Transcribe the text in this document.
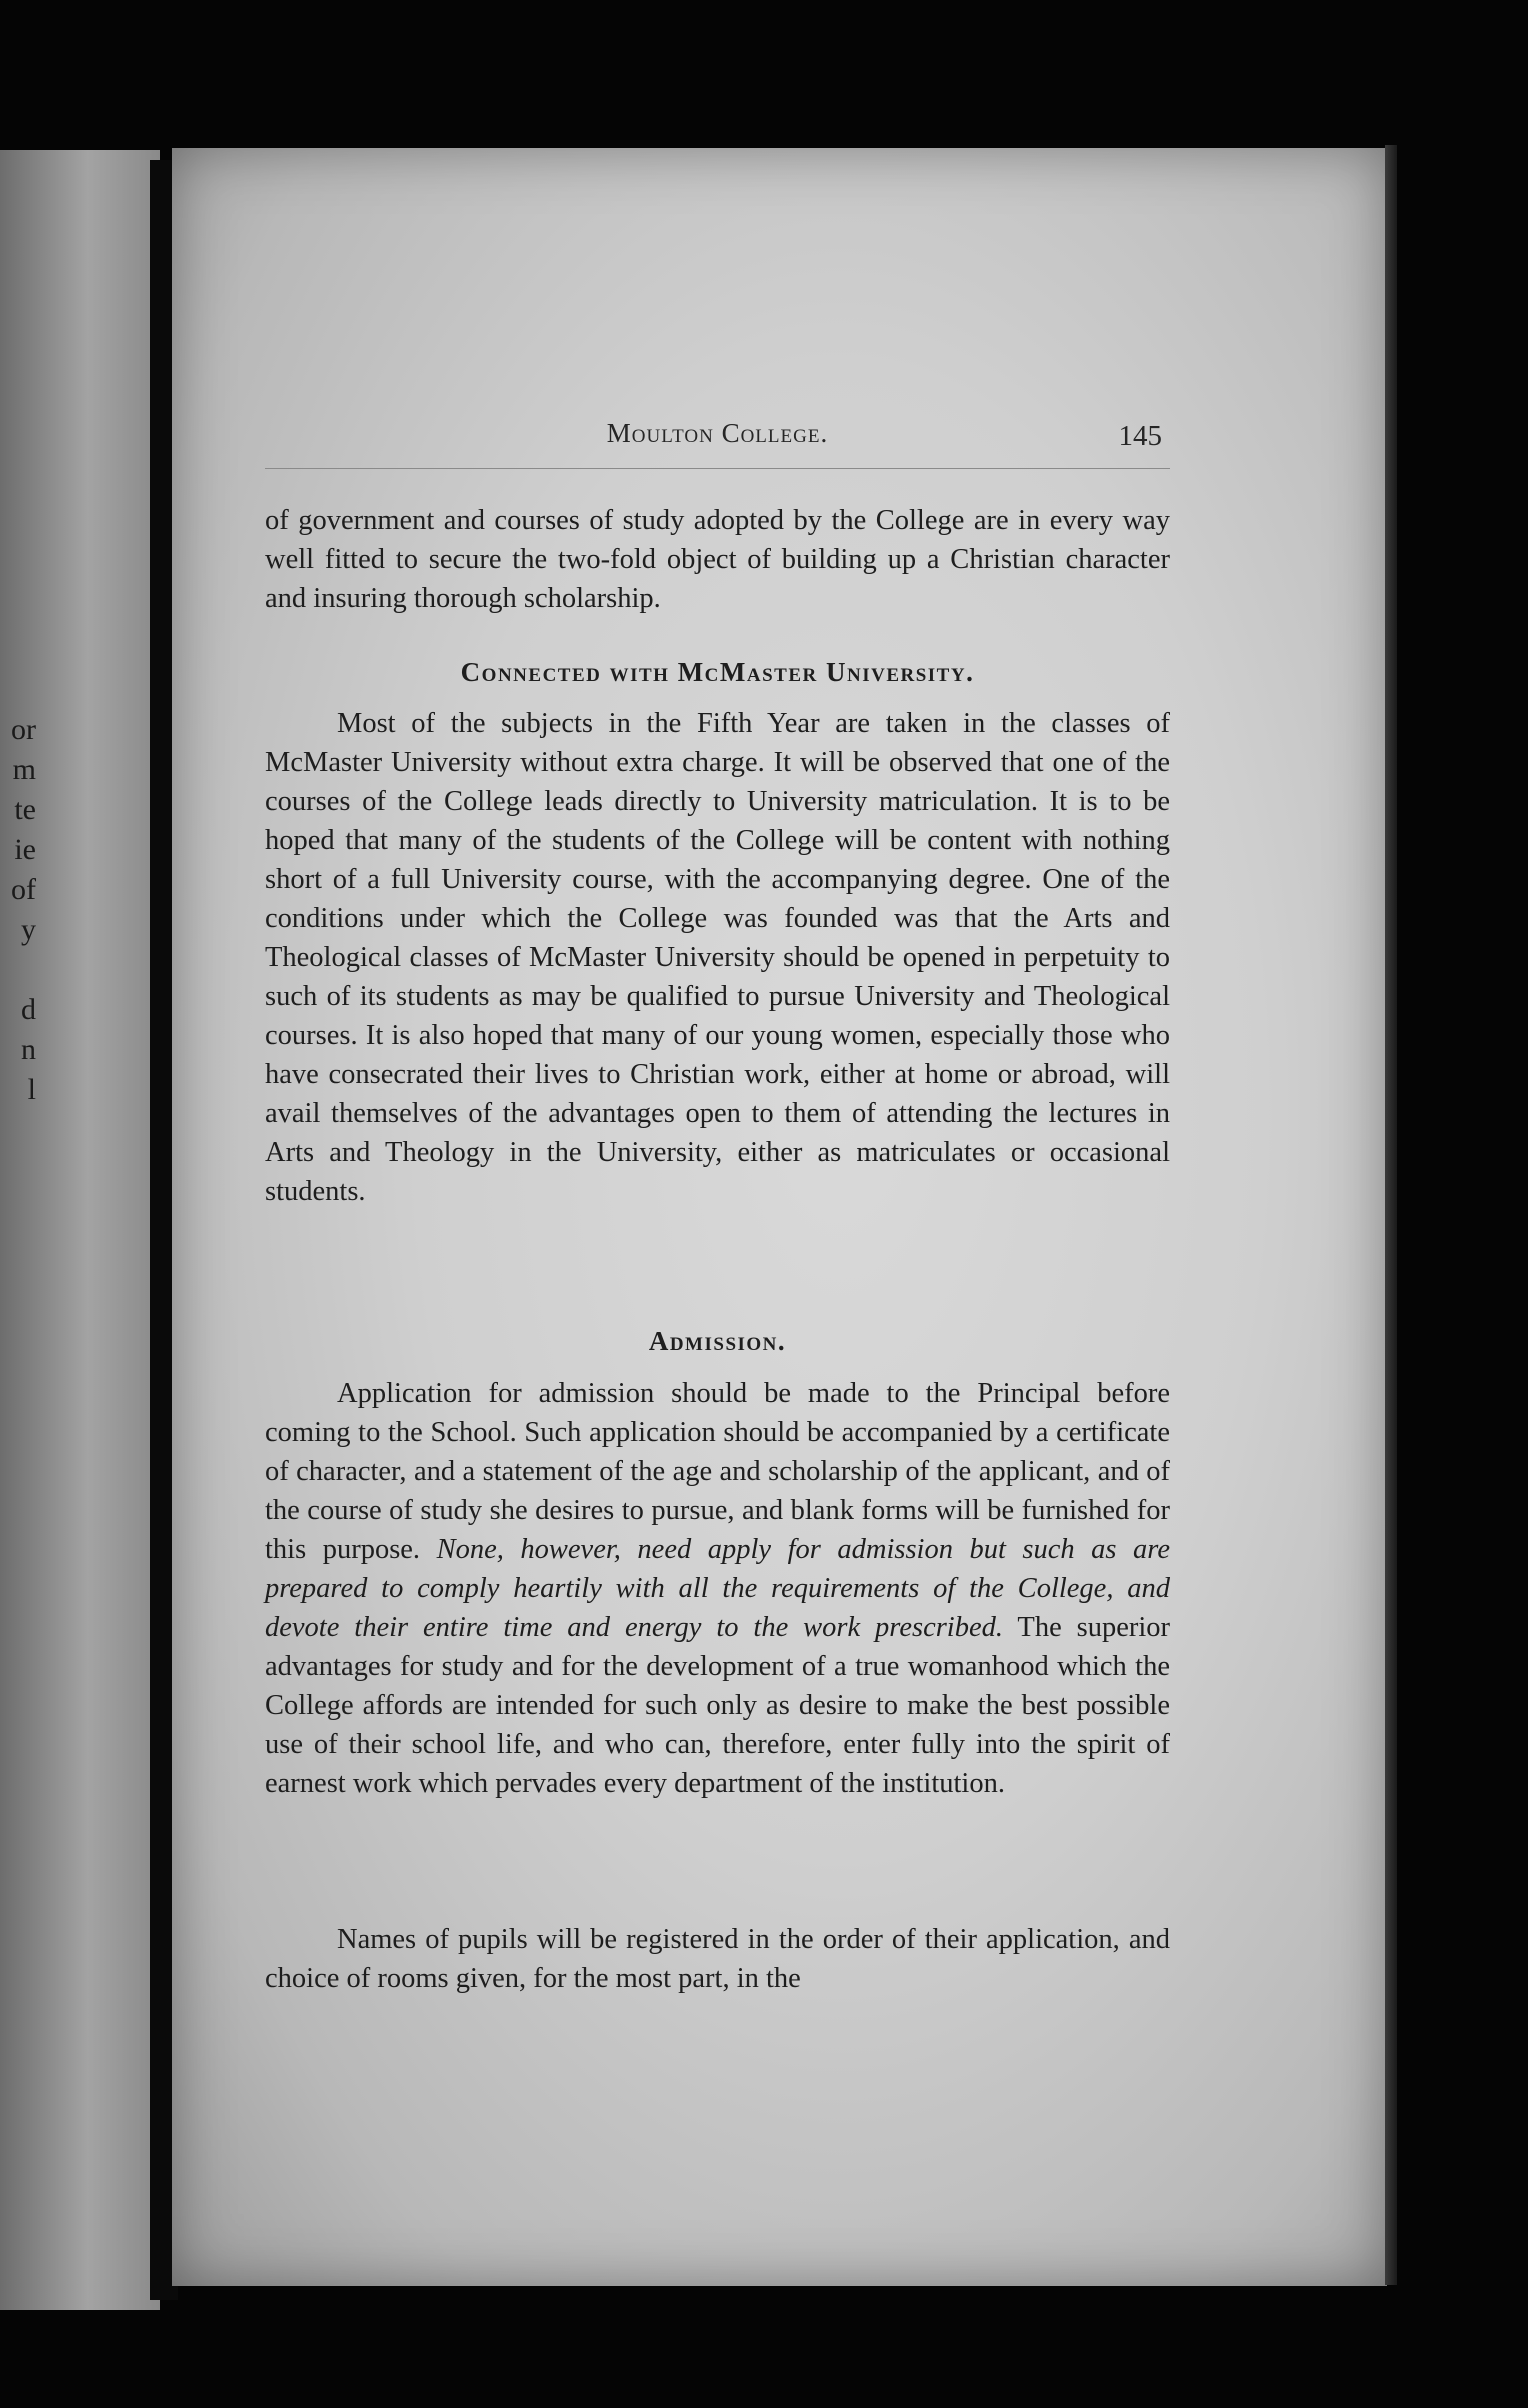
or
m
te
ie
of
y
d
n
l
Moulton College.	145

of government and courses of study adopted by the College are in every way well fitted to secure the two-fold object of building up a Christian character and insuring thorough scholarship.

Connected with McMaster University.

Most of the subjects in the Fifth Year are taken in the classes of McMaster University without extra charge. It will be observed that one of the courses of the College leads directly to University matriculation. It is to be hoped that many of the students of the College will be content with nothing short of a full University course, with the accompanying degree. One of the conditions under which the College was founded was that the Arts and Theological classes of McMaster University should be opened in perpetuity to such of its students as may be qualified to pursue University and Theological courses. It is also hoped that many of our young women, especially those who have consecrated their lives to Christian work, either at home or abroad, will avail themselves of the advantages open to them of attending the lectures in Arts and Theology in the University, either as matriculates or occasional students.

Admission.

Application for admission should be made to the Principal before coming to the School. Such application should be accompanied by a certificate of character, and a statement of the age and scholarship of the applicant, and of the course of study she desires to pursue, and blank forms will be furnished for this purpose. None, however, need apply for admission but such as are prepared to comply heartily with all the requirements of the College, and devote their entire time and energy to the work prescribed. The superior advantages for study and for the development of a true womanhood which the College affords are intended for such only as desire to make the best possible use of their school life, and who can, therefore, enter fully into the spirit of earnest work which pervades every department of the institution.

Names of pupils will be registered in the order of their application, and choice of rooms given, for the most part, in the
